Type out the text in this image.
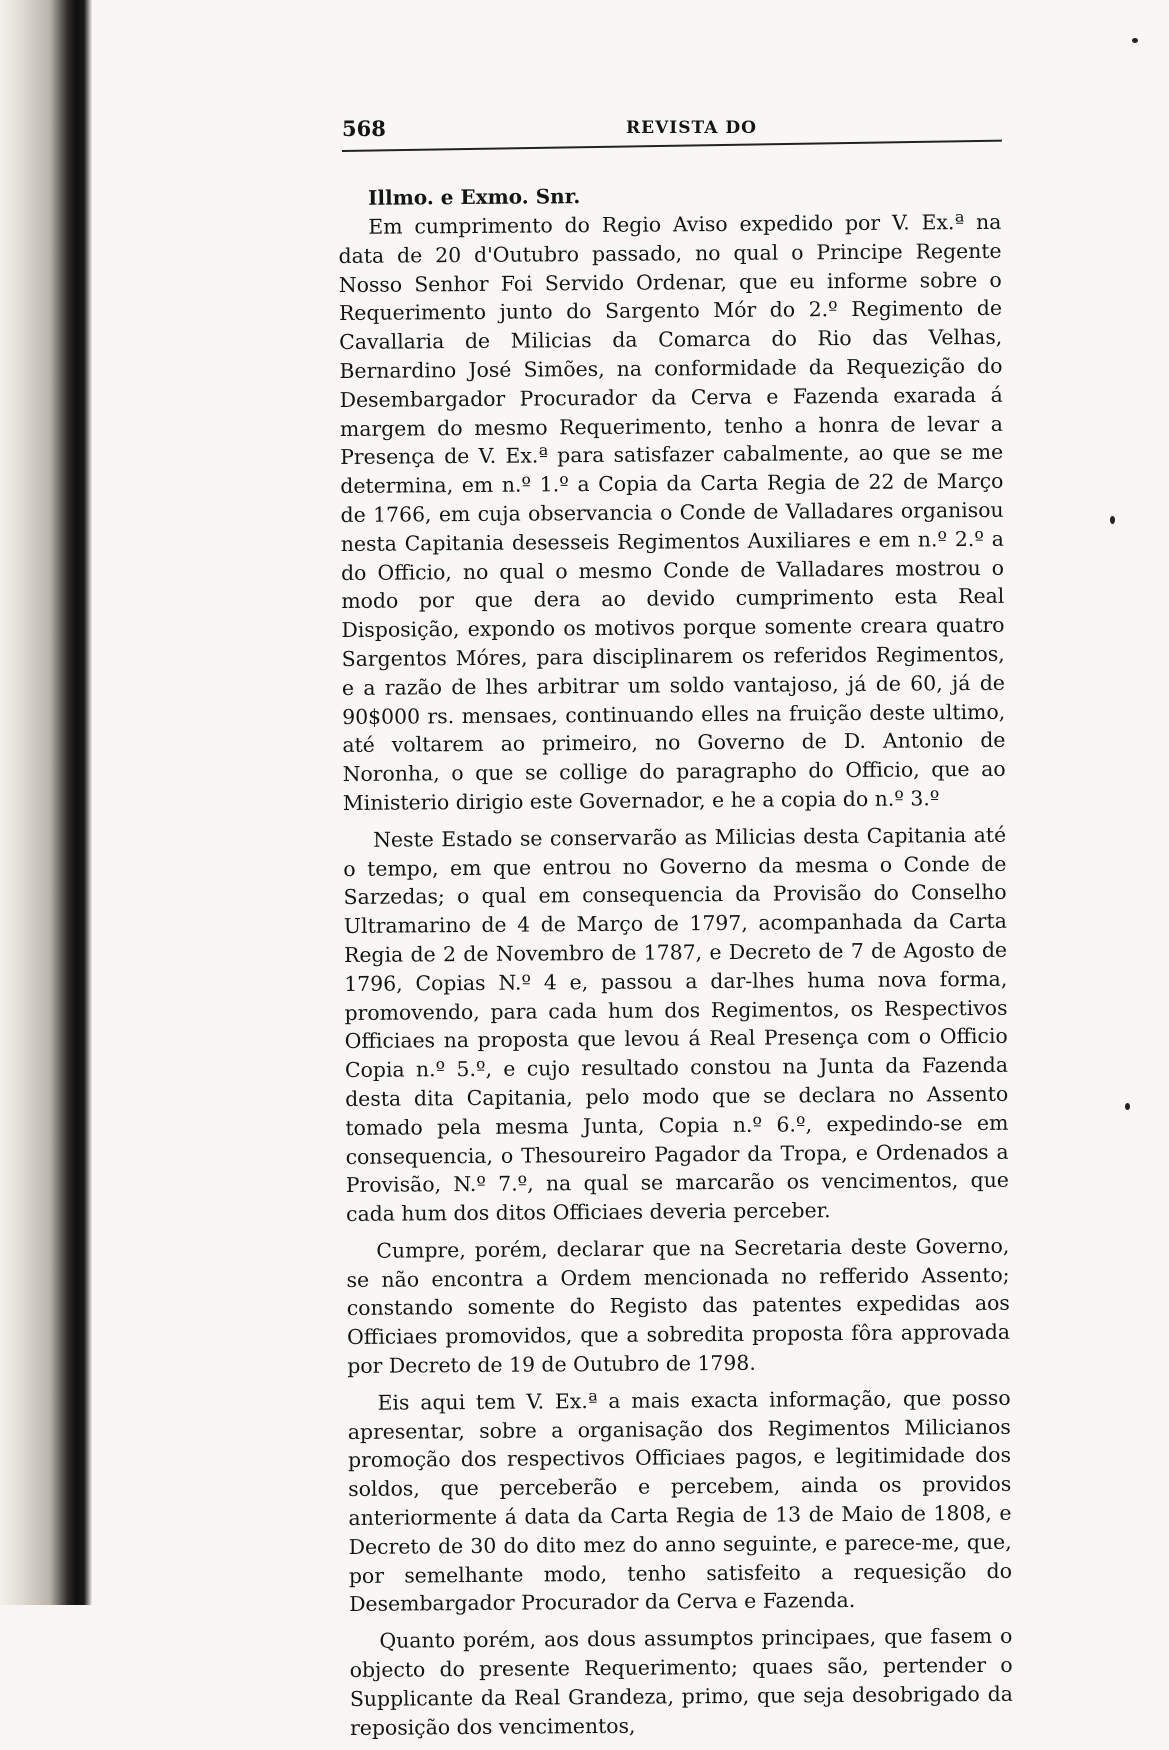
568	REVISTA DO
Illmo. e Exmo. Snr.

Em cumprimento do Regio Aviso expedido por V. Ex.ª na data de 20 d'Outubro passado, no qual o Principe Regente Nosso Senhor Foi Servido Ordenar, que eu informe sobre o Requerimento junto do Sargento Mór do 2.º Regimento de Cavallaria de Milicias da Comarca do Rio das Velhas, Bernardino José Simões, na conformidade da Requezição do Desembargador Procurador da Cerva e Fazenda exarada á margem do mesmo Requerimento, tenho a honra de levar a Presença de V. Ex.ª para satisfazer cabalmente, ao que se me determina, em n.º 1.º a Copia da Carta Regia de 22 de Março de 1766, em cuja observancia o Conde de Valladares organisou nesta Capitania desesseis Regimentos Auxiliares e em n.º 2.º a do Officio, no qual o mesmo Conde de Valladares mostrou o modo por que dera ao devido cumprimento esta Real Disposição, expondo os motivos porque somente creara quatro Sargentos Móres, para disciplinarem os referidos Regimentos, e a razão de lhes arbitrar um soldo vantajoso, já de 60, já de 90$000 rs. mensaes, continuando elles na fruição deste ultimo, até voltarem ao primeiro, no Governo de D. Antonio de Noronha, o que se collige do paragrapho do Officio, que ao Ministerio dirigio este Governador, e he a copia do n.º 3.º

Neste Estado se conservarão as Milicias desta Capitania até o tempo, em que entrou no Governo da mesma o Conde de Sarzedas; o qual em consequencia da Provisão do Conselho Ultramarino de 4 de Março de 1797, acompanhada da Carta Regia de 2 de Novembro de 1787, e Decreto de 7 de Agosto de 1796, Copias N.º 4 e, passou a dar-lhes huma nova forma, promovendo, para cada hum dos Regimentos, os Respectivos Officiaes na proposta que levou á Real Presença com o Officio Copia n.º 5.º, e cujo resultado constou na Junta da Fazenda desta dita Capitania, pelo modo que se declara no Assento tomado pela mesma Junta, Copia n.º 6.º, expedindo-se em consequencia, o Thesoureiro Pagador da Tropa, e Ordenados a Provisão, N.º 7.º, na qual se marcarão os vencimentos, que cada hum dos ditos Officiaes deveria perceber.

Cumpre, porém, declarar que na Secretaria deste Governo, se não encontra a Ordem mencionada no refferido Assento; constando somente do Registo das patentes expedidas aos Officiaes promovidos, que a sobredita proposta fôra approvada por Decreto de 19 de Outubro de 1798.

Eis aqui tem V. Ex.ª a mais exacta informação, que posso apresentar, sobre a organisação dos Regimentos Milicianos promoção dos respectivos Officiaes pagos, e legitimidade dos soldos, que perceberão e percebem, ainda os providos anteriormente á data da Carta Regia de 13 de Maio de 1808, e Decreto de 30 do dito mez do anno seguinte, e parece-me, que, por semelhante modo, tenho satisfeito a requesição do Desembargador Procurador da Cerva e Fazenda.

Quanto porém, aos dous assumptos principaes, que fasem o objecto do presente Requerimento; quaes são, pertender o Supplicante da Real Grandeza, primo, que seja desobrigado da reposição dos vencimentos,
